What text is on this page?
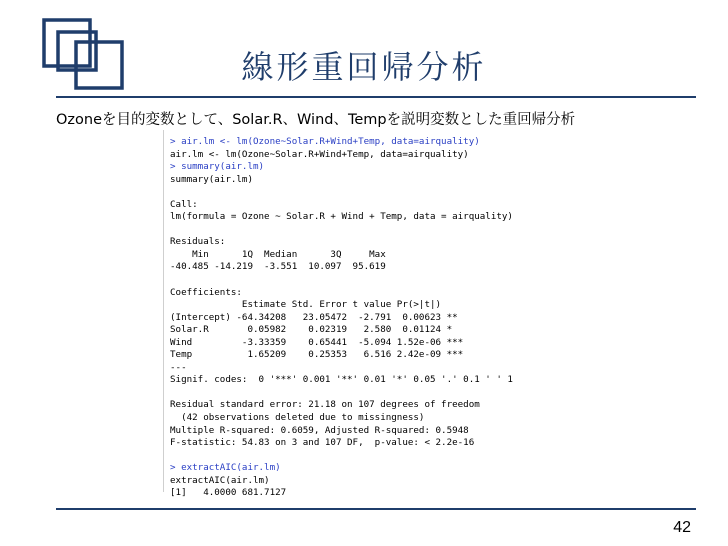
線形重回帰分析
Ozoneを目的変数として、Solar.R、Wind、Tempを説明変数とした重回帰分析
> air.lm <- lm(Ozone~Solar.R+Wind+Temp, data=airquality)
air.lm <- lm(Ozone~Solar.R+Wind+Temp, data=airquality)
> summary(air.lm)
summary(air.lm)

Call:
lm(formula = Ozone ~ Solar.R + Wind + Temp, data = airquality)

Residuals:
Min      1Q  Median      3Q     Max
-40.485 -14.219  -3.551  10.097  95.619

Coefficients:
Estimate Std. Error t value Pr(>|t|)
(Intercept) -64.34208   23.05472  -2.791  0.00623 **
Solar.R       0.05982    0.02319   2.580  0.01124 *
Wind         -3.33359    0.65441  -5.094 1.52e-06 ***
Temp          1.65209    0.25353   6.516 2.42e-09 ***
---
Signif. codes:  0 '***' 0.001 '**' 0.01 '*' 0.05 '.' 0.1 ' ' 1

Residual standard error: 21.18 on 107 degrees of freedom
(42 observations deleted due to missingness)
Multiple R-squared: 0.6059, Adjusted R-squared: 0.5948
F-statistic: 54.83 on 3 and 107 DF,  p-value: < 2.2e-16

> extractAIC(air.lm)
extractAIC(air.lm)
[1]   4.0000 681.7127

42
